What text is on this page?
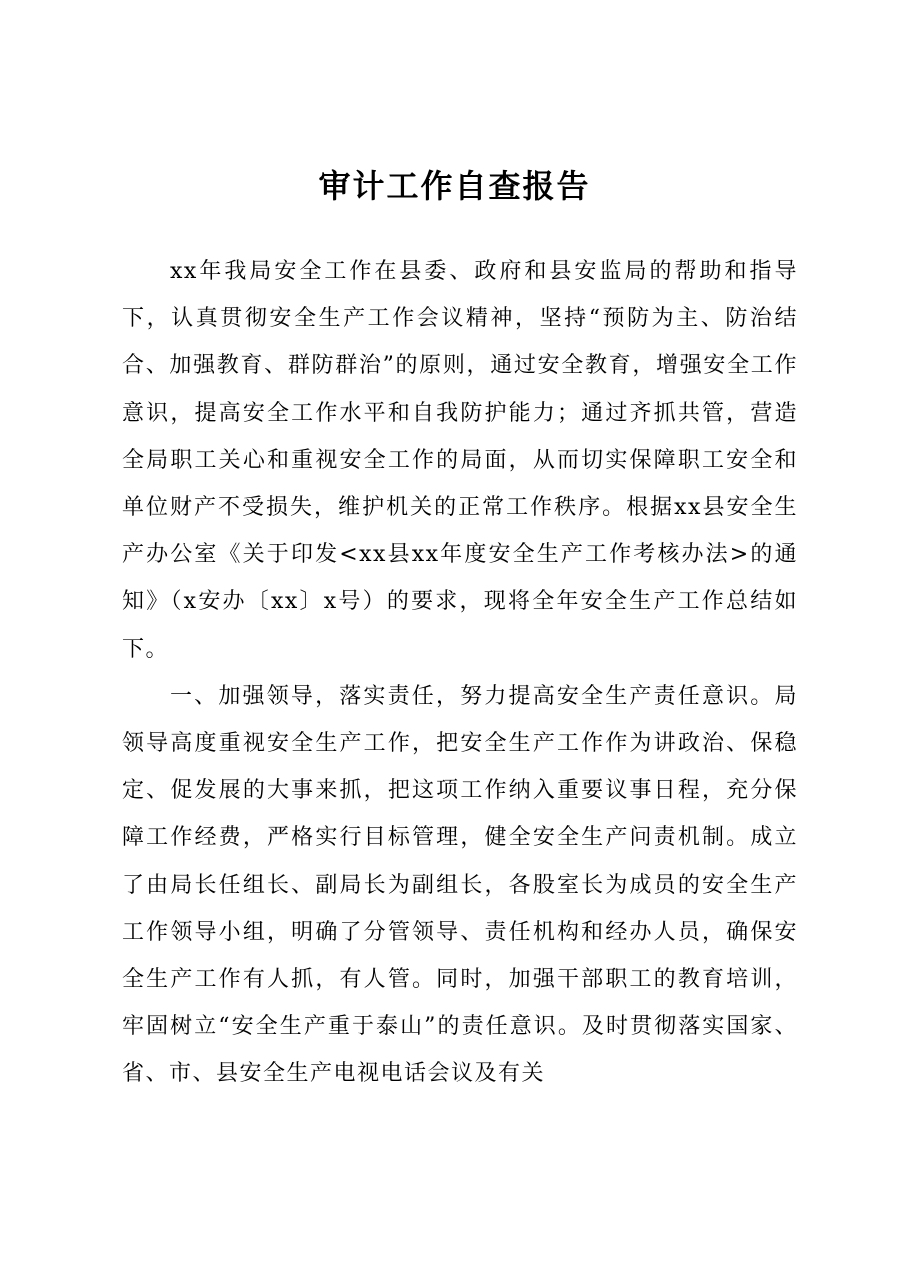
审计工作自查报告

xx年我局安全工作在县委、政府和县安监局的帮助和指导下，认真贯彻安全生产工作会议精神，坚持“预防为主、防治结合、加强教育、群防群治”的原则，通过安全教育，增强安全工作意识，提高安全工作水平和自我防护能力；通过齐抓共管，营造全局职工关心和重视安全工作的局面，从而切实保障职工安全和单位财产不受损失，维护机关的正常工作秩序。根据xx县安全生产办公室《关于印发<xx县xx年度安全生产工作考核办法>的通知》（x安办〔xx〕x号）的要求，现将全年安全生产工作总结如下。

一、加强领导，落实责任，努力提高安全生产责任意识。局领导高度重视安全生产工作，把安全生产工作作为讲政治、保稳定、促发展的大事来抓，把这项工作纳入重要议事日程，充分保障工作经费，严格实行目标管理，健全安全生产问责机制。成立了由局长任组长、副局长为副组长，各股室长为成员的安全生产工作领导小组，明确了分管领导、责任机构和经办人员，确保安全生产工作有人抓，有人管。同时，加强干部职工的教育培训，牢固树立“安全生产重于泰山”的责任意识。及时贯彻落实国家、省、市、县安全生产电视电话会议及有关
